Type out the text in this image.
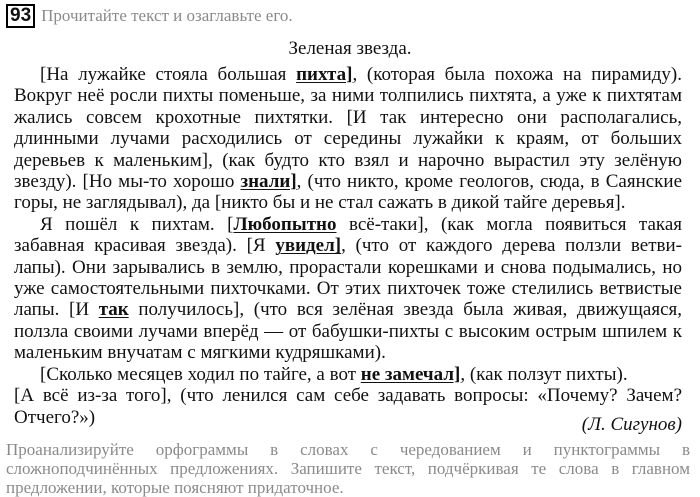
93 Прочитайте текст и озаглавьте его.
Зеленая звезда.

[На лужайке стояла большая пихта], (которая была похожа на пирамиду). Вокруг неё росли пихты поменьше, за ними толпились пихтята, а уже к пихтятам жались совсем крохотные пихтятки. [И так интересно они располагались, длинными лучами расходились от середины лужайки к краям, от больших деревьев к маленьким], (как будто кто взял и нарочно вырастил эту зелёную звезду). [Но мы-то хорошо знали], (что никто, кроме геологов, сюда, в Саянские горы, не заглядывал), да [никто бы и не стал сажать в дикой тайге деревья].

Я пошёл к пихтам. [Любопытно всё-таки], (как могла появиться такая забавная красивая звезда). [Я увидел], (что от каждого дерева ползли ветви-лапы). Они зарывались в землю, прорастали корешками и снова подымались, но уже самостоятельными пихточками. От этих пихточек тоже стелились ветвистые лапы. [И так получилось], (что вся зелёная звезда была живая, движущаяся, ползла своими лучами вперёд — от бабушки-пихты с высоким острым шпилем к маленьким внучатам с мягкими кудряшками).

[Сколько месяцев ходил по тайге, а вот не замечал], (как ползут пихты).

[А всё из-за того], (что ленился сам себе задавать вопросы: «Почему? Зачем? Отчего?»)	(Л. Сигунов)
Проанализируйте орфограммы в словах с чередованием и пунктограммы в сложноподчинённых предложениях. Запишите текст, подчёркивая те слова в главном предложении, которые поясняют придаточное.
